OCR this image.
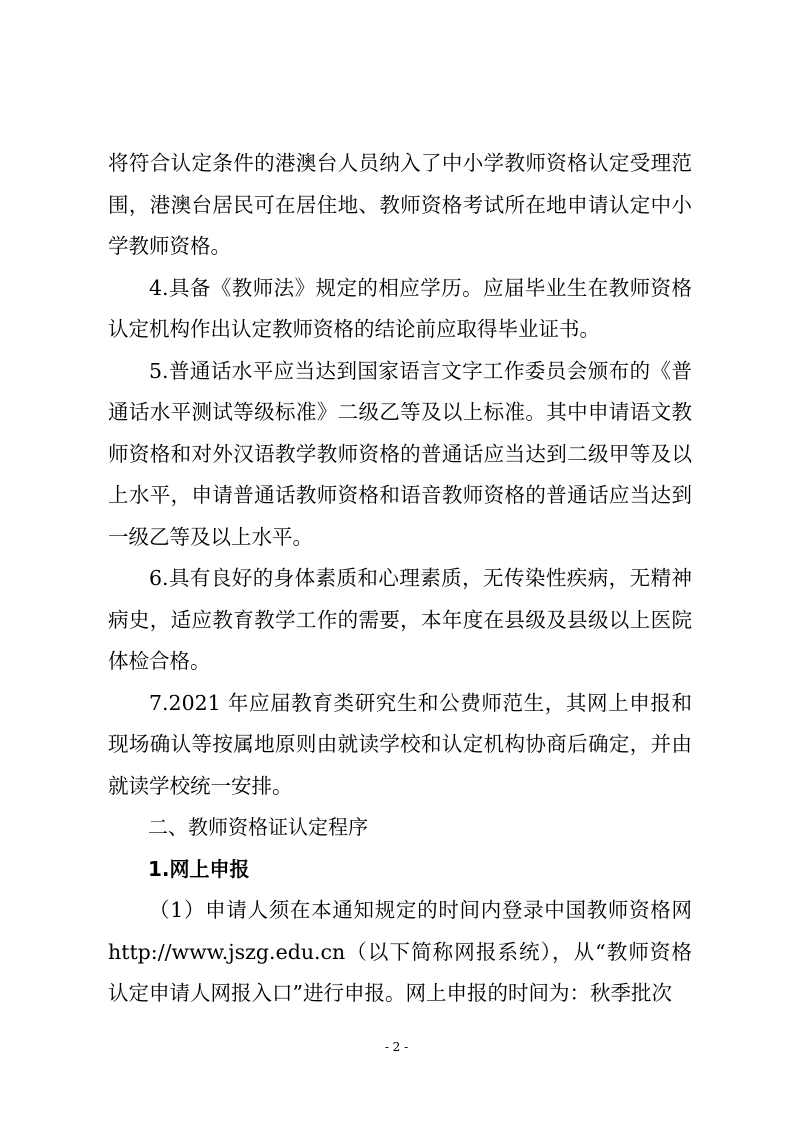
将符合认定条件的港澳台人员纳入了中小学教师资格认定受理范围，港澳台居民可在居住地、教师资格考试所在地申请认定中小学教师资格。

4.具备《教师法》规定的相应学历。应届毕业生在教师资格认定机构作出认定教师资格的结论前应取得毕业证书。

5.普通话水平应当达到国家语言文字工作委员会颁布的《普通话水平测试等级标准》二级乙等及以上标准。其中申请语文教师资格和对外汉语教学教师资格的普通话应当达到二级甲等及以上水平，申请普通话教师资格和语音教师资格的普通话应当达到一级乙等及以上水平。

6.具有良好的身体素质和心理素质，无传染性疾病，无精神病史，适应教育教学工作的需要，本年度在县级及县级以上医院体检合格。

7.2021 年应届教育类研究生和公费师范生，其网上申报和现场确认等按属地原则由就读学校和认定机构协商后确定，并由就读学校统一安排。

二、教师资格证认定程序

1.网上申报

（1）申请人须在本通知规定的时间内登录中国教师资格网http://www.jszg.edu.cn（以下简称网报系统），从“教师资格认定申请人网报入口”进行申报。网上申报的时间为：秋季批次

- 2 -
